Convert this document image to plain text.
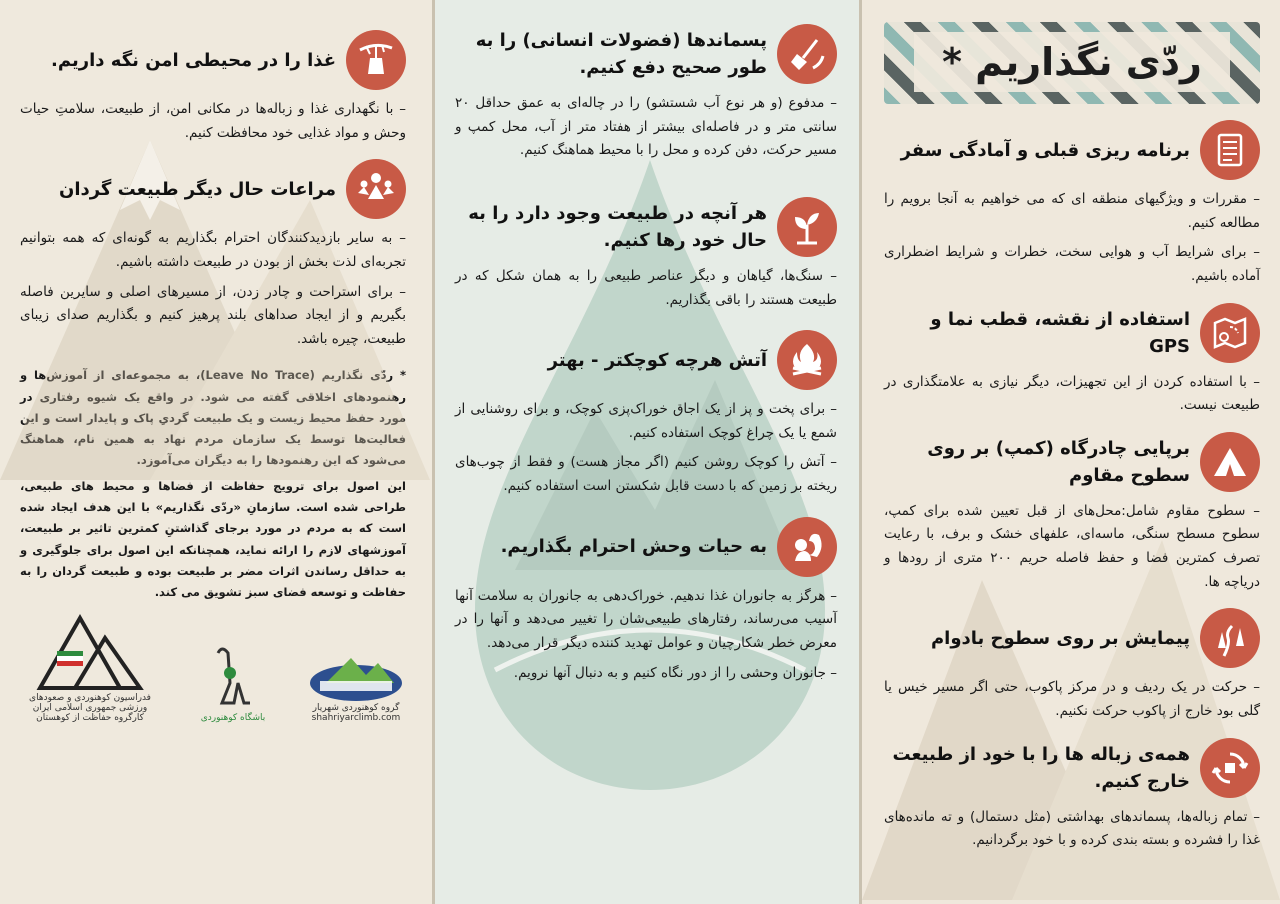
غذا را در محیطی امن نگه داریم.

– با نگهداری غذا و زباله‌ها در مکانی امن، از طبیعت، سلامتِ حیات وحش و مواد غذایی خود محافظت کنیم.

مراعات حال دیگر طبیعت گردان

– به سایر بازدیدکنندگان احترام بگذاریم به گونه‌ای که همه بتوانیم تجربه‌ای لذت بخش از بودن در طبیعت داشته باشیم.

– برای استراحت و چادر زدن، از مسیرهای اصلی و سایرین فاصله بگیریم و از ایجاد صداهای بلند پرهیز کنیم و بگذاریم صدای زیبای طبیعت، چیره باشد.

* ردّی نگذاریم (Leave No Trace)، به مجموعه‌ای از آموزش‌ها و رهنمودهای اخلاقی گفته می شود. در واقع یک شیوه رفتاری در مورد حفظ محیط زیست و یک طبیعت گردیِ پاک و پایدار است و این فعالیت‌ها توسط یک سازمان مردم نهاد به همین نام، هماهنگ می‌شود که این رهنمودها را به دیگران می‌آموزد.
این اصول برای ترویج حفاظت از فضاها و محیط های طبیعی، طراحی شده است. سازمانِ «ردّی نگذاریم» با این هدف ایجاد شده است که به مردم در مورد برجای گذاشتنِ کمترین تاثیر بر طبیعت، آموزشهای لازم را ارائه نماید، همچنانکه این اصول برای جلوگیری و به حداقل رساندن اثرات مضر بر طبیعت بوده و طبیعت گردان را به حفاظت و توسعه فضای سبز تشویق می کند.
فدراسیون کوهنوردی و صعودهای ورزشی جمهوری اسلامی ایران کارگروه حفاظت از کوهستان	باشگاه کوهنوردی
گروه کوهنوردی شهریار
shahriyarclimb.com
پسماندها (فضولات انسانی) را به طور صحیح دفع کنیم.

– مدفوع (و هر نوع آب شستشو) را در چاله‌ای به عمق حداقل ۲۰ سانتی متر و در فاصله‌ای بیشتر از هفتاد متر از آب، محل کمپ و مسیر حرکت، دفن کرده و محل را با محیط هماهنگ کنیم.

هر آنچه در طبیعت وجود دارد را به حال خود رها کنیم.

– سنگ‌ها، گیاهان و دیگر عناصر طبیعی را به همان شکل که در طبیعت هستند را باقی بگذاریم.

آتش هرچه کوچکتر - بهتر

– برای پخت و پز از یک اجاق خوراک‌پزی کوچک، و برای روشنایی از شمع یا یک چراغ کوچک استفاده کنیم.

– آتش را کوچک روشن کنیم (اگر مجاز هست) و فقط از چوب‌های ریخته بر زمین که با دست قابل شکستن است استفاده کنیم.

به حیات وحش احترام بگذاریم.

– هرگز به جانوران غذا ندهیم. خوراک‌دهی به جانوران به سلامت آنها آسیب می‌رساند، رفتارهای طبیعی‌شان را تغییر می‌دهد و آنها را در معرض خطر شکارچیان و عوامل تهدید کننده دیگر قرار می‌دهد.

– جانوران وحشی را از دور نگاه کنیم و به دنبال آنها نرویم.

ردّی نگذاریم *
برنامه ریزی قبلی و آمادگی سفر

– مقررات و ویژگیهای منطقه ای که می خواهیم به آنجا برویم را مطالعه کنیم.

– برای شرایط آب و هوایی سخت، خطرات و شرایط اضطراری آماده باشیم.

استفاده از نقشه، قطب نما و GPS

– با استفاده کردن از این تجهیزات، دیگر نیازی به علامتگذاری در طبیعت نیست.

برپایی چادرگاه (کمپ) بر روی سطوح مقاوم

– سطوح مقاوم شامل:محل‌های از قبل تعیین شده برای کمپ، سطوح مسطح سنگی، ماسه‌ای، علفهای خشک و برف، با رعایت تصرف کمترین فضا و حفظ فاصله حریم ۲۰۰ متری از رودها و دریاچه ها.

پیمایش بر روی سطوح بادوام

– حرکت در یک ردیف و در مرکز پاکوب، حتی اگر مسیر خیس یا گلی بود خارج از پاکوب حرکت نکنیم.

همه‌ی زباله ها را با خود از طبیعت خارج کنیم.

– تمام زباله‌ها، پسماندهای بهداشتی (مثل دستمال) و ته مانده‌های غذا را فشرده و بسته بندی کرده و با خود برگردانیم.
